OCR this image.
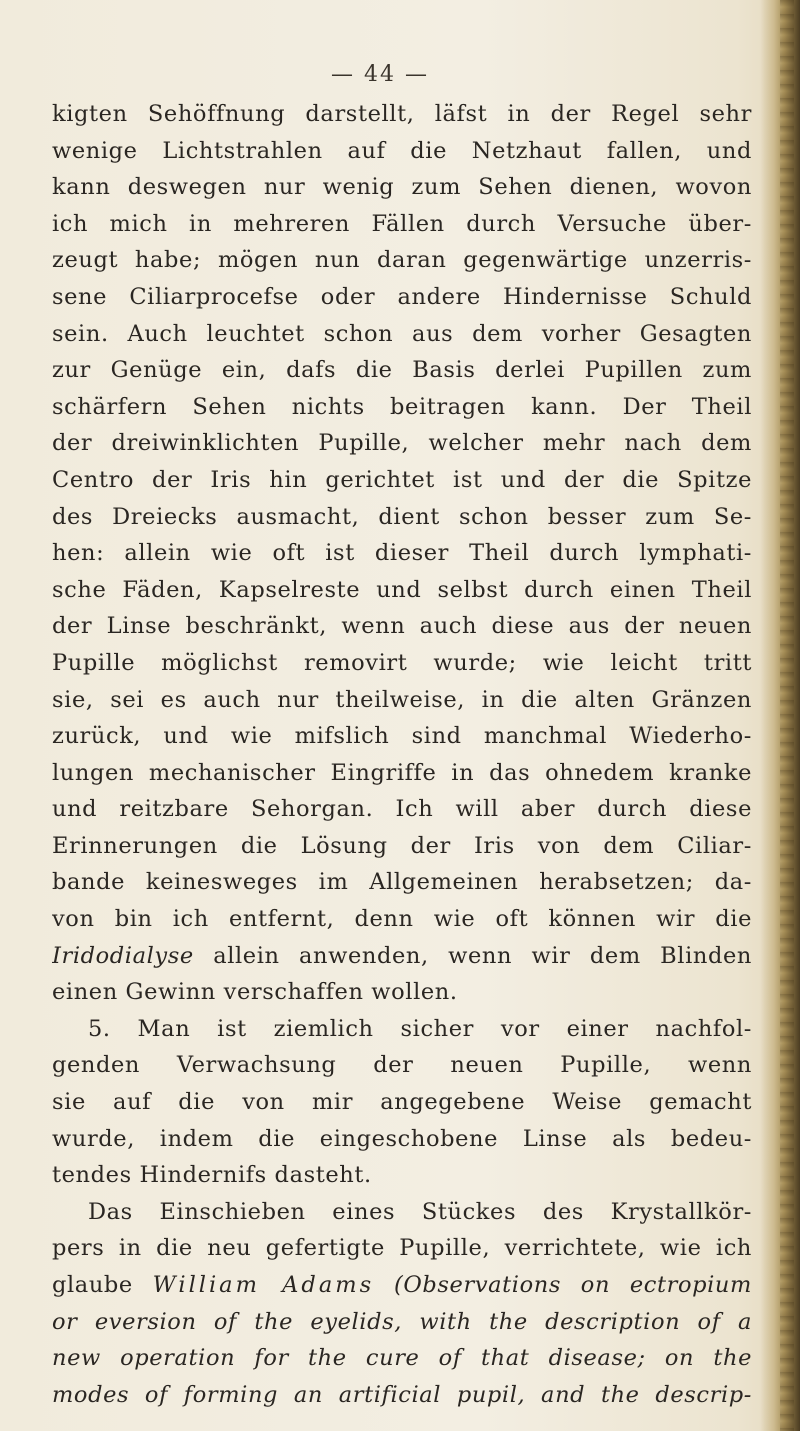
— 44 —
kigten Sehöffnung darstellt, läfst in der Regel sehr
wenige Lichtstrahlen auf die Netzhaut fallen, und
kann deswegen nur wenig zum Sehen dienen, wovon
ich mich in mehreren Fällen durch Versuche über-
zeugt habe; mögen nun daran gegenwärtige unzerris-
sene Ciliarprocefse oder andere Hindernisse Schuld
sein. Auch leuchtet schon aus dem vorher Gesagten
zur Genüge ein, dafs die Basis derlei Pupillen zum
schärfern Sehen nichts beitragen kann. Der Theil
der dreiwinklichten Pupille, welcher mehr nach dem
Centro der Iris hin gerichtet ist und der die Spitze
des Dreiecks ausmacht, dient schon besser zum Se-
hen: allein wie oft ist dieser Theil durch lymphati-
sche Fäden, Kapselreste und selbst durch einen Theil
der Linse beschränkt, wenn auch diese aus der neuen
Pupille möglichst removirt wurde; wie leicht tritt
sie, sei es auch nur theilweise, in die alten Gränzen
zurück, und wie mifslich sind manchmal Wiederho-
lungen mechanischer Eingriffe in das ohnedem kranke
und reitzbare Sehorgan. Ich will aber durch diese
Erinnerungen die Lösung der Iris von dem Ciliar-
bande keinesweges im Allgemeinen herabsetzen; da-
von bin ich entfernt, denn wie oft können wir die
Iridodialyse allein anwenden, wenn wir dem Blinden
einen Gewinn verschaffen wollen.
5. Man ist ziemlich sicher vor einer nachfol-
genden Verwachsung der neuen Pupille, wenn
sie auf die von mir angegebene Weise gemacht
wurde, indem die eingeschobene Linse als bedeu-
tendes Hindernifs dasteht.
Das Einschieben eines Stückes des Krystallkör-
pers in die neu gefertigte Pupille, verrichtete, wie ich
glaube William Adams (Observations on ectropium
or eversion of the eyelids, with the description of a
new operation for the cure of that disease; on the
modes of forming an artificial pupil, and the descrip-
